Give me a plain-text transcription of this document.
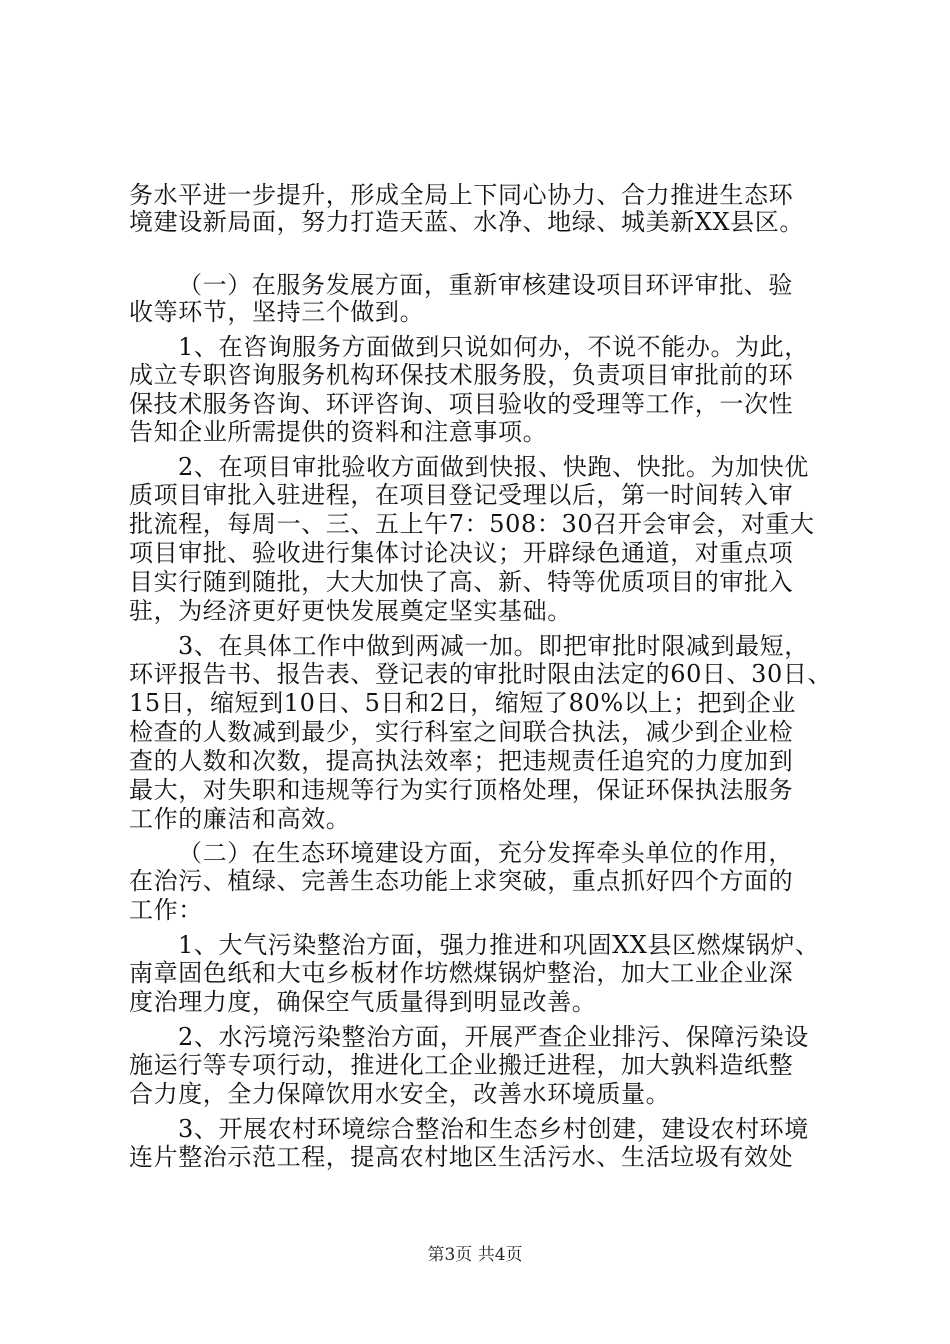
务水平进一步提升，形成全局上下同心协力、合力推进生态环
境建设新局面，努力打造天蓝、水净、地绿、城美新XX县区。
（一）在服务发展方面，重新审核建设项目环评审批、验
收等环节，坚持三个做到。
1、在咨询服务方面做到只说如何办，不说不能办。为此，
成立专职咨询服务机构环保技术服务股，负责项目审批前的环
保技术服务咨询、环评咨询、项目验收的受理等工作，一次性
告知企业所需提供的资料和注意事项。
2、在项目审批验收方面做到快报、快跑、快批。为加快优
质项目审批入驻进程，在项目登记受理以后，第一时间转入审
批流程，每周一、三、五上午7：508：30召开会审会，对重大
项目审批、验收进行集体讨论决议；开辟绿色通道，对重点项
目实行随到随批，大大加快了高、新、特等优质项目的审批入
驻，为经济更好更快发展奠定坚实基础。
3、在具体工作中做到两减一加。即把审批时限减到最短，
环评报告书、报告表、登记表的审批时限由法定的60日、30日、
15日，缩短到10日、5日和2日，缩短了80%以上；把到企业
检查的人数减到最少，实行科室之间联合执法，减少到企业检
查的人数和次数，提高执法效率；把违规责任追究的力度加到
最大，对失职和违规等行为实行顶格处理，保证环保执法服务
工作的廉洁和高效。
（二）在生态环境建设方面，充分发挥牵头单位的作用，
在治污、植绿、完善生态功能上求突破，重点抓好四个方面的
工作：
1、大气污染整治方面，强力推进和巩固XX县区燃煤锅炉、
南章固色纸和大屯乡板材作坊燃煤锅炉整治，加大工业企业深
度治理力度，确保空气质量得到明显改善。
2、水污境污染整治方面，开展严查企业排污、保障污染设
施运行等专项行动，推进化工企业搬迁进程，加大孰料造纸整
合力度，全力保障饮用水安全，改善水环境质量。
3、开展农村环境综合整治和生态乡村创建，建设农村环境
连片整治示范工程，提高农村地区生活污水、生活垃圾有效处
第3页 共4页
